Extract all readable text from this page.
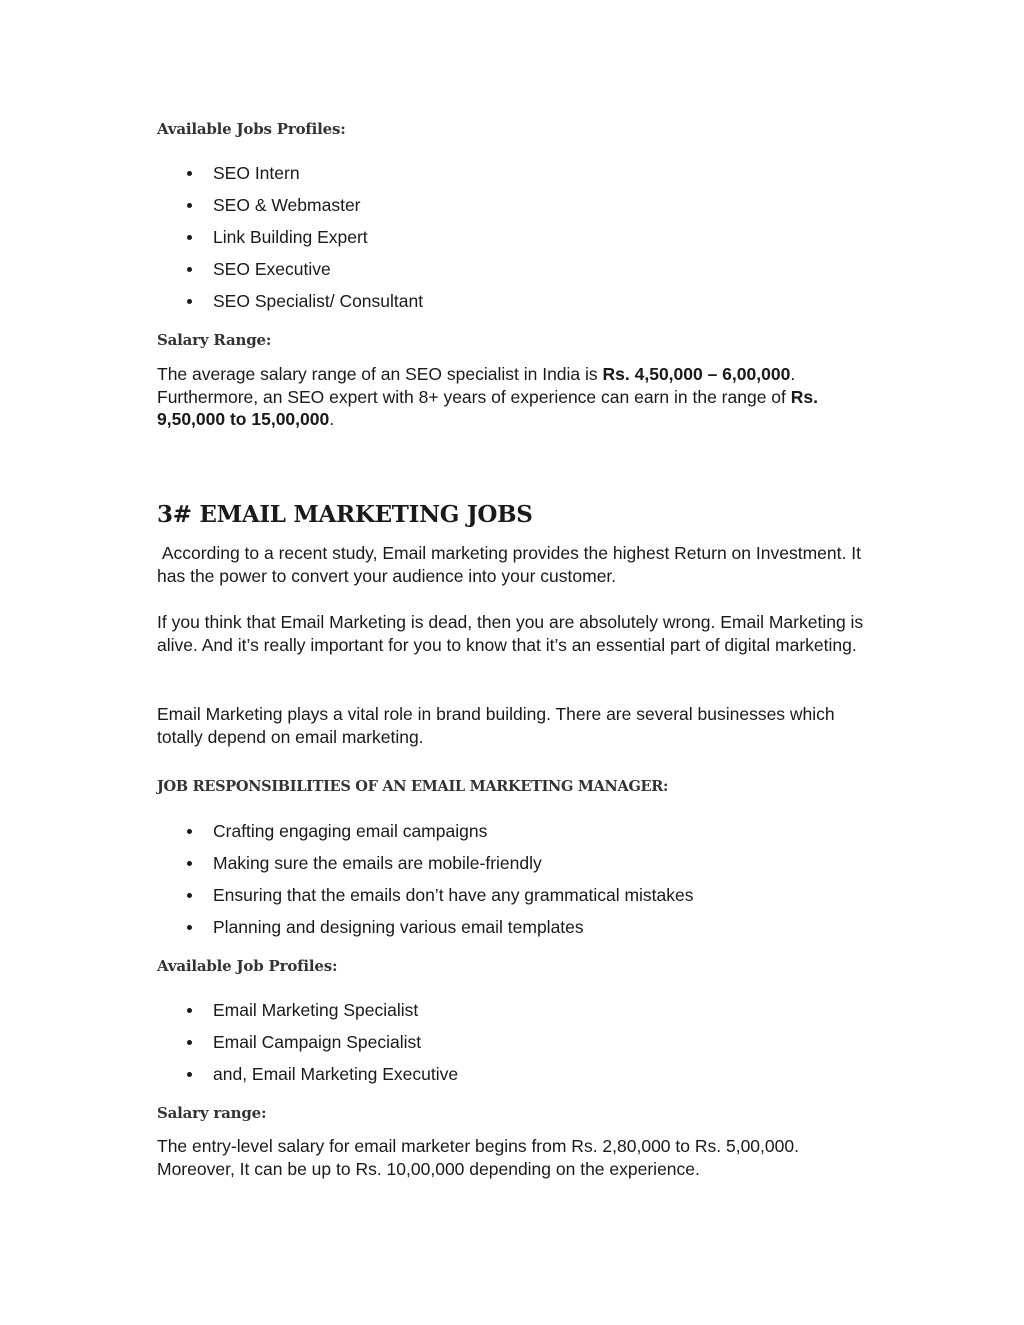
Available Jobs Profiles:
SEO Intern
SEO & Webmaster
Link Building Expert
SEO Executive
SEO Specialist/ Consultant
Salary Range:

The average salary range of an SEO specialist in India is Rs. 4,50,000 – 6,00,000. Furthermore, an SEO expert with 8+ years of experience can earn in the range of Rs. 9,50,000 to 15,00,000.

3# EMAIL MARKETING JOBS

According to a recent study, Email marketing provides the highest Return on Investment. It has the power to convert your audience into your customer.

If you think that Email Marketing is dead, then you are absolutely wrong. Email Marketing is alive. And it’s really important for you to know that it’s an essential part of digital marketing.

Email Marketing plays a vital role in brand building. There are several businesses which totally depend on email marketing.

JOB RESPONSIBILITIES OF AN EMAIL MARKETING MANAGER:
Crafting engaging email campaigns
Making sure the emails are mobile-friendly
Ensuring that the emails don’t have any grammatical mistakes
Planning and designing various email templates
Available Job Profiles:
Email Marketing Specialist
Email Campaign Specialist
and, Email Marketing Executive
Salary range:

The entry-level salary for email marketer begins from Rs. 2,80,000 to Rs. 5,00,000. Moreover, It can be up to Rs. 10,00,000 depending on the experience.
